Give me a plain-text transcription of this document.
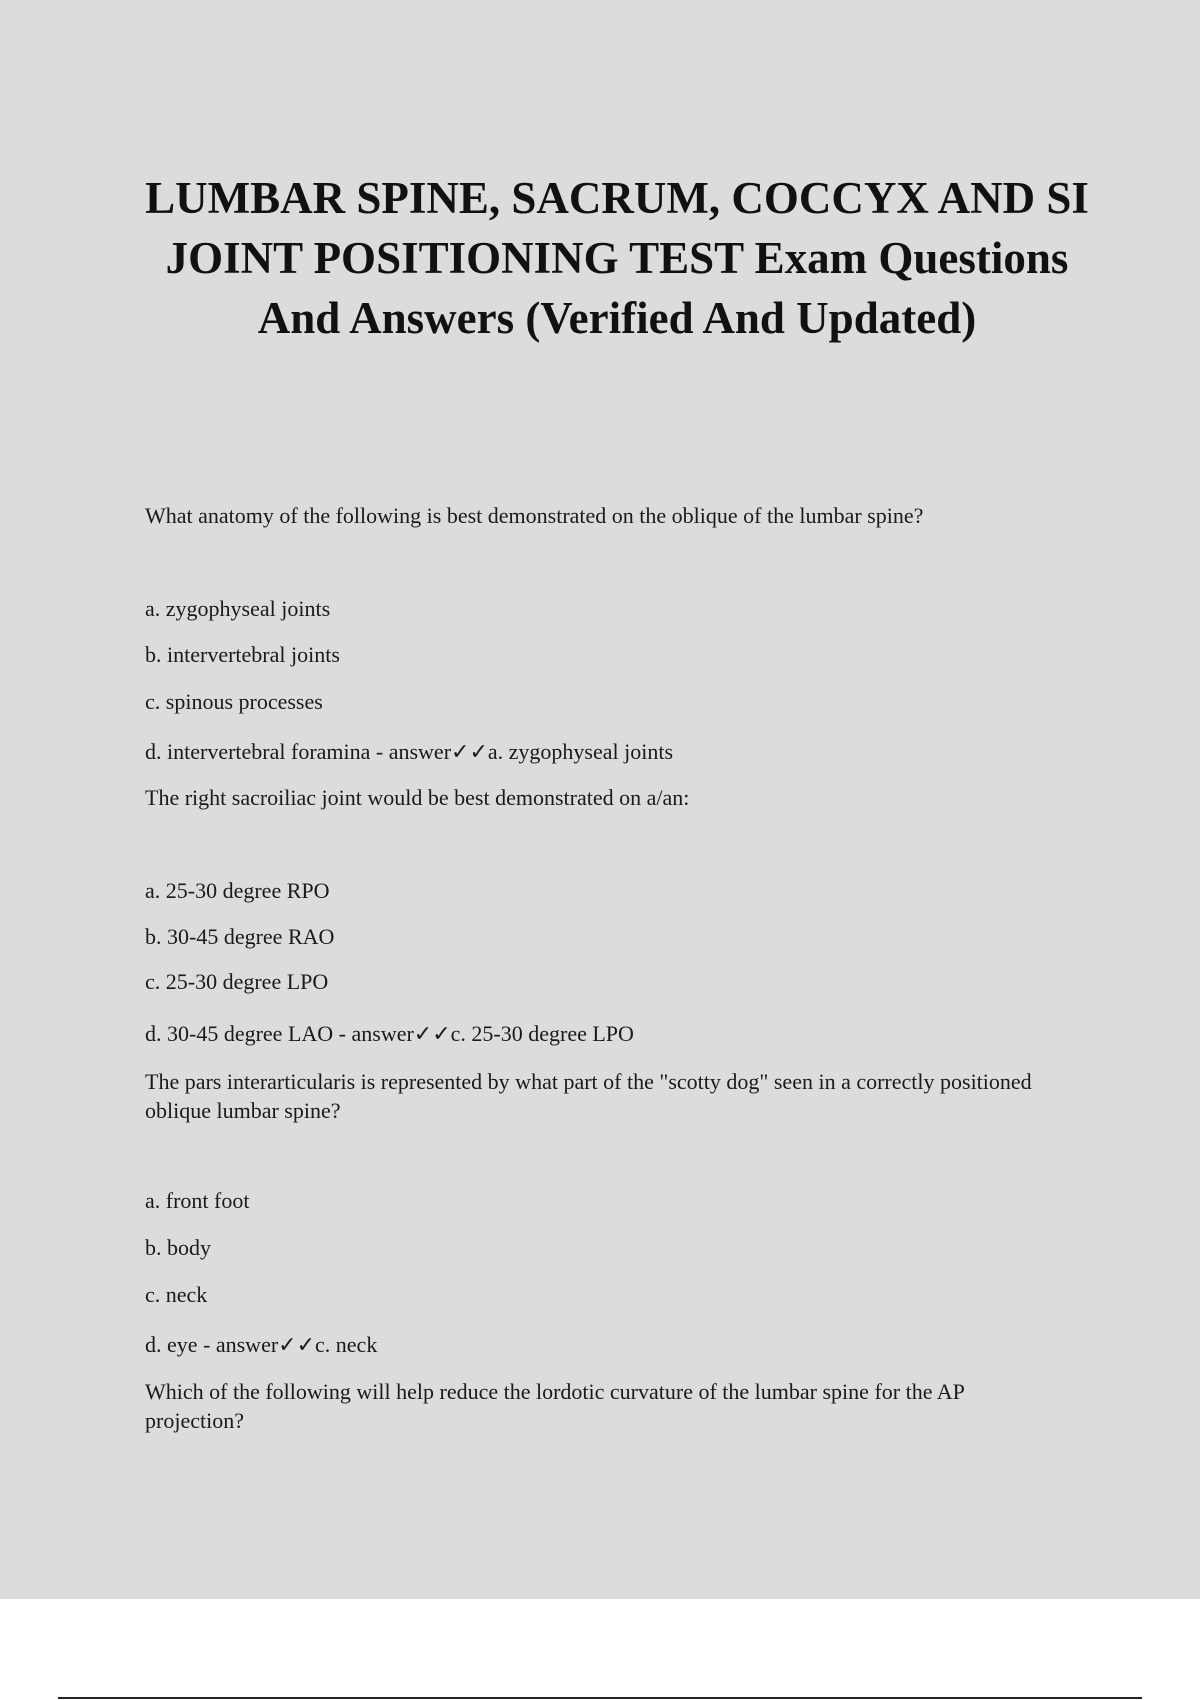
LUMBAR SPINE, SACRUM, COCCYX AND SI JOINT POSITIONING TEST Exam Questions And Answers (Verified And Updated)

What anatomy of the following is best demonstrated on the oblique of the lumbar spine?

a. zygophyseal joints

b. intervertebral joints

c. spinous processes

d. intervertebral foramina - answer✓✓a. zygophyseal joints

The right sacroiliac joint would be best demonstrated on a/an:

a. 25-30 degree RPO

b. 30-45 degree RAO

c. 25-30 degree LPO

d. 30-45 degree LAO - answer✓✓c. 25-30 degree LPO

The pars interarticularis is represented by what part of the "scotty dog" seen in a correctly positioned oblique lumbar spine?

a. front foot

b. body

c. neck

d. eye - answer✓✓c. neck

Which of the following will help reduce the lordotic curvature of the lumbar spine for the AP projection?
